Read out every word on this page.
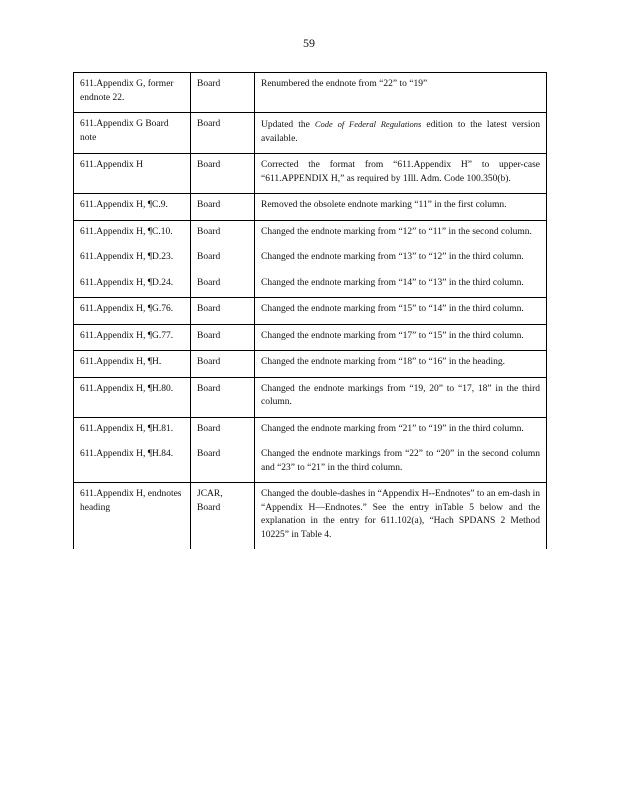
59
611.Appendix G, former endnote 22.	Board	Renumbered the endnote from “22” to “19”
611.Appendix G Board note	Board	Updated the Code of Federal Regulations edition to the latest version available.
611.Appendix H	Board	Corrected the format from “611.Appendix H” to upper-case “611.APPENDIX H,” as required by 1Ill. Adm. Code 100.350(b).
611.Appendix H, ¶C.9.	Board	Removed the obsolete endnote marking “11” in the first column.
611.Appendix H, ¶C.10.	Board	Changed the endnote marking from “12” to “11” in the second column.
611.Appendix H, ¶D.23.	Board	Changed the endnote marking from “13” to “12” in the third column.
611.Appendix H, ¶D.24.	Board	Changed the endnote marking from “14” to “13” in the third column.
611.Appendix H, ¶G.76.	Board	Changed the endnote marking from “15” to “14” in the third column.
611.Appendix H, ¶G.77.	Board	Changed the endnote marking from “17” to “15” in the third column.
611.Appendix H, ¶H.	Board	Changed the endnote marking from “18” to “16” in the heading.
611.Appendix H, ¶H.80.	Board	Changed the endnote markings from “19, 20” to “17, 18” in the third column.
611.Appendix H, ¶H.81.	Board	Changed the endnote marking from “21” to “19” in the third column.
611.Appendix H, ¶H.84.	Board	Changed the endnote markings from “22” to “20” in the second column and “23” to “21” in the third column.
611.Appendix H, endnotes heading	JCAR, Board	Changed the double-dashes in “Appendix H--Endnotes” to an em-dash in “Appendix H—Endnotes.” See the entry inTable 5 below and the explanation in the entry for 611.102(a), “Hach SPDANS 2 Method 10225” in Table 4.
